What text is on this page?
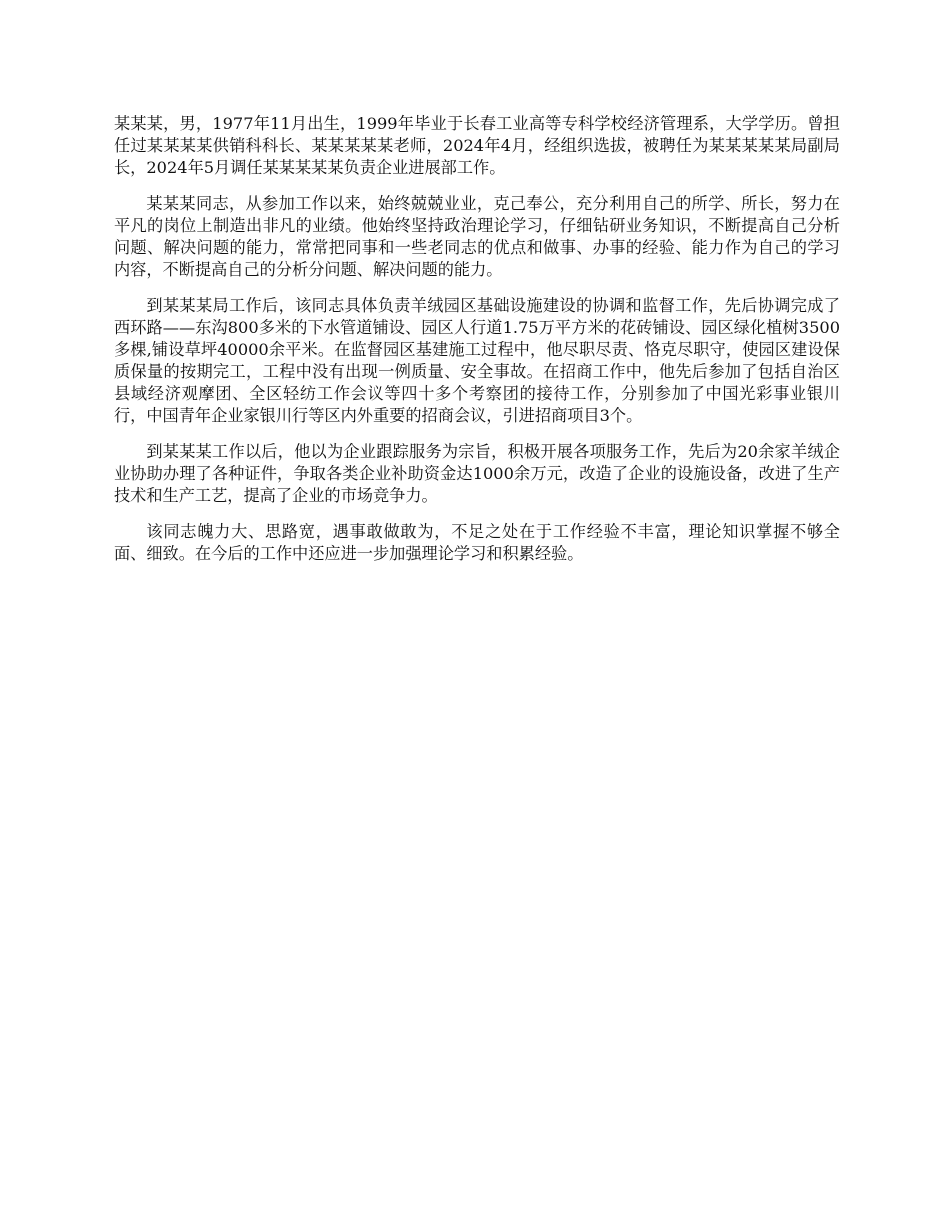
某某某，男，1977年11月出生，1999年毕业于长春工业高等专科学校经济管理系，大学学历。曾担任过某某某某供销科科长、某某某某某老师，2024年4月，经组织选拔，被聘任为某某某某某局副局长，2024年5月调任某某某某某负责企业进展部工作。

某某某同志，从参加工作以来，始终兢兢业业，克己奉公，充分利用自己的所学、所长，努力在平凡的岗位上制造出非凡的业绩。他始终坚持政治理论学习，仔细钻研业务知识，不断提高自己分析问题、解决问题的能力，常常把同事和一些老同志的优点和做事、办事的经验、能力作为自己的学习内容，不断提高自己的分析分问题、解决问题的能力。

到某某某局工作后，该同志具体负责羊绒园区基础设施建设的协调和监督工作，先后协调完成了西环路——东沟800多米的下水管道铺设、园区人行道1.75万平方米的花砖铺设、园区绿化植树3500多棵,铺设草坪40000余平米。在监督园区基建施工过程中，他尽职尽责、恪克尽职守，使园区建设保质保量的按期完工，工程中没有出现一例质量、安全事故。在招商工作中，他先后参加了包括自治区县域经济观摩团、全区轻纺工作会议等四十多个考察团的接待工作，分别参加了中国光彩事业银川行，中国青年企业家银川行等区内外重要的招商会议，引进招商项目3个。

到某某某工作以后，他以为企业跟踪服务为宗旨，积极开展各项服务工作，先后为20余家羊绒企业协助办理了各种证件，争取各类企业补助资金达1000余万元，改造了企业的设施设备，改进了生产技术和生产工艺，提高了企业的市场竞争力。

该同志魄力大、思路宽，遇事敢做敢为，不足之处在于工作经验不丰富，理论知识掌握不够全面、细致。在今后的工作中还应进一步加强理论学习和积累经验。
